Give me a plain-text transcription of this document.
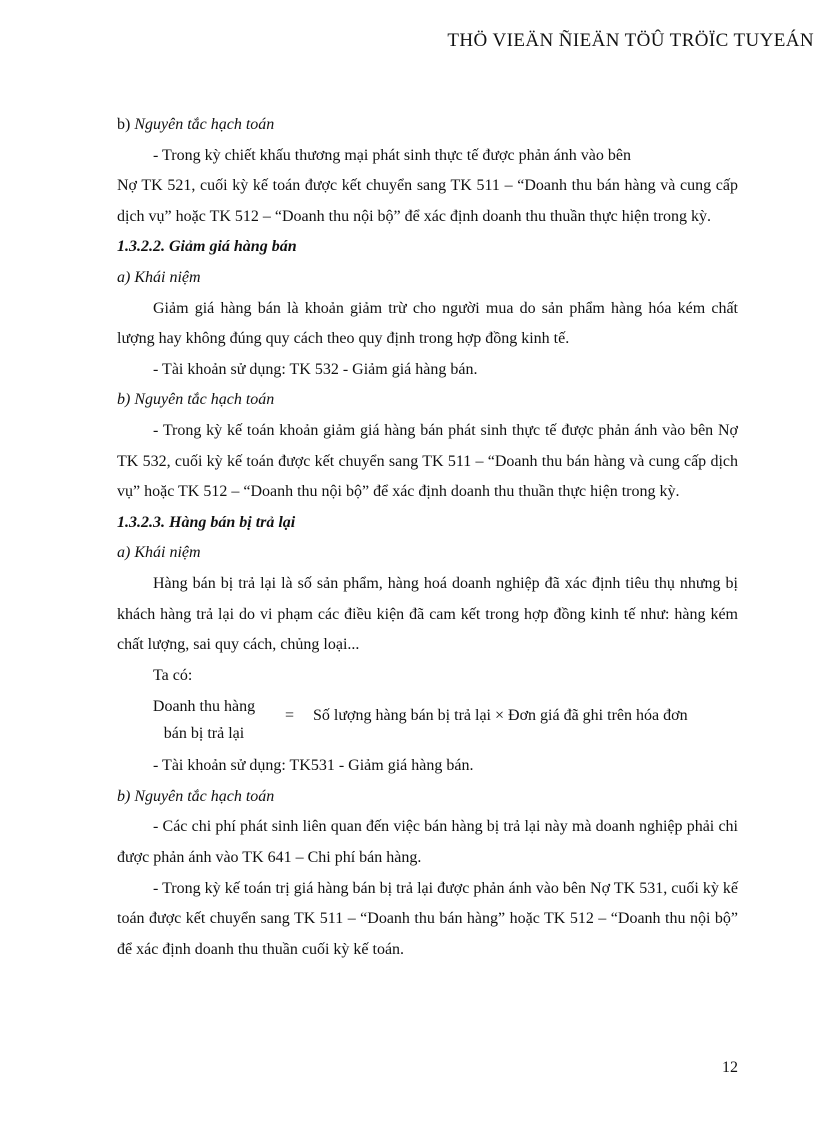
THÖ VIEÄN ÑIEÄN TÖÛ TRÖÏC TUYEÁN

b) Nguyên tắc hạch toán

- Trong kỳ chiết khấu thương mại phát sinh thực tế được phản ánh vào bên

Nợ TK 521, cuối kỳ kế toán được kết chuyển sang TK 511 – “Doanh thu bán hàng và cung cấp dịch vụ” hoặc TK 512 – “Doanh thu nội bộ” để xác định doanh thu thuần thực hiện trong kỳ.

1.3.2.2. Giảm giá hàng bán

a) Khái niệm

Giảm giá hàng bán là khoản giảm trừ cho người mua do sản phẩm hàng hóa kém chất lượng hay không đúng quy cách theo quy định trong hợp đồng kinh tế.

- Tài khoản sử dụng: TK 532 - Giảm giá hàng bán.

b) Nguyên tắc hạch toán

- Trong kỳ kế toán khoản giảm giá hàng bán phát sinh thực tế được phản ánh vào bên Nợ TK 532, cuối kỳ kế toán được kết chuyển sang TK 511 – “Doanh thu bán hàng và cung cấp dịch vụ” hoặc TK 512 – “Doanh thu nội bộ” để xác định doanh thu thuần thực hiện trong kỳ.

1.3.2.3. Hàng bán bị trả lại

a) Khái niệm

Hàng bán bị trả lại là số sản phẩm, hàng hoá doanh nghiệp đã xác định tiêu thụ nhưng bị khách hàng trả lại do vi phạm các điều kiện đã cam kết trong hợp đồng kinh tế như: hàng kém chất lượng, sai quy cách, chủng loại...

Ta có:

Doanh thu hàng
bán bị trả lại
= Số lượng hàng bán bị trả lại × Đơn giá đã ghi trên hóa đơn

- Tài khoản sử dụng: TK531 - Giảm giá hàng bán.

b) Nguyên tắc hạch toán

- Các chi phí phát sinh liên quan đến việc bán hàng bị trả lại này mà doanh nghiệp phải chi được phản ánh vào TK 641 – Chi phí bán hàng.

- Trong kỳ kế toán trị giá hàng bán bị trả lại được phản ánh vào bên Nợ TK 531, cuối kỳ kế toán được kết chuyển sang TK 511 – “Doanh thu bán hàng” hoặc TK 512 – “Doanh thu nội bộ” để xác định doanh thu thuần cuối kỳ kế toán.

12
